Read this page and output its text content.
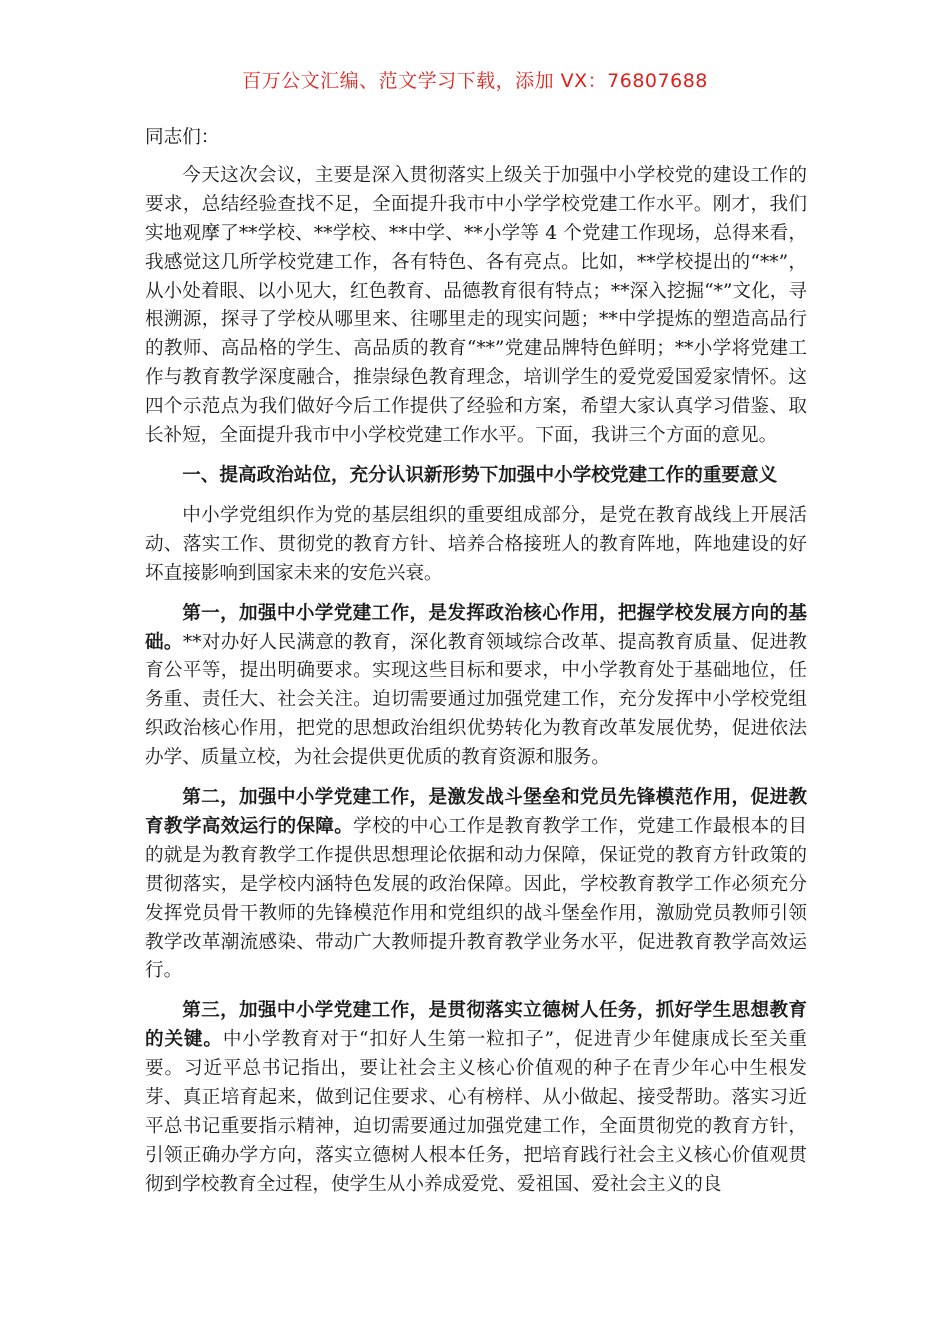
百万公文汇编、范文学习下载，添加 VX：76807688

同志们：

今天这次会议，主要是深入贯彻落实上级关于加强中小学校党的建设工作的要求，总结经验查找不足，全面提升我市中小学学校党建工作水平。刚才，我们实地观摩了**学校、**学校、**中学、**小学等 4 个党建工作现场，总得来看，我感觉这几所学校党建工作，各有特色、各有亮点。比如，**学校提出的“**”，从小处着眼、以小见大，红色教育、品德教育很有特点；**深入挖掘“*”文化，寻根溯源，探寻了学校从哪里来、往哪里走的现实问题；**中学提炼的塑造高品行的教师、高品格的学生、高品质的教育“**”党建品牌特色鲜明；**小学将党建工作与教育教学深度融合，推崇绿色教育理念，培训学生的爱党爱国爱家情怀。这四个示范点为我们做好今后工作提供了经验和方案，希望大家认真学习借鉴、取长补短，全面提升我市中小学校党建工作水平。下面，我讲三个方面的意见。

一、提高政治站位，充分认识新形势下加强中小学校党建工作的重要意义

中小学党组织作为党的基层组织的重要组成部分，是党在教育战线上开展活动、落实工作、贯彻党的教育方针、培养合格接班人的教育阵地，阵地建设的好坏直接影响到国家未来的安危兴衰。

第一，加强中小学党建工作，是发挥政治核心作用，把握学校发展方向的基础。**对办好人民满意的教育，深化教育领域综合改革、提高教育质量、促进教育公平等，提出明确要求。实现这些目标和要求，中小学教育处于基础地位，任务重、责任大、社会关注。迫切需要通过加强党建工作，充分发挥中小学校党组织政治核心作用，把党的思想政治组织优势转化为教育改革发展优势，促进依法办学、质量立校，为社会提供更优质的教育资源和服务。

第二，加强中小学党建工作，是激发战斗堡垒和党员先锋模范作用，促进教育教学高效运行的保障。学校的中心工作是教育教学工作，党建工作最根本的目的就是为教育教学工作提供思想理论依据和动力保障，保证党的教育方针政策的贯彻落实，是学校内涵特色发展的政治保障。因此，学校教育教学工作必须充分发挥党员骨干教师的先锋模范作用和党组织的战斗堡垒作用，激励党员教师引领教学改革潮流感染、带动广大教师提升教育教学业务水平，促进教育教学高效运行。

第三，加强中小学党建工作，是贯彻落实立德树人任务，抓好学生思想教育的关键。中小学教育对于“扣好人生第一粒扣子”，促进青少年健康成长至关重要。习近平总书记指出，要让社会主义核心价值观的种子在青少年心中生根发芽、真正培育起来，做到记住要求、心有榜样、从小做起、接受帮助。落实习近平总书记重要指示精神，迫切需要通过加强党建工作，全面贯彻党的教育方针，引领正确办学方向，落实立德树人根本任务，把培育践行社会主义核心价值观贯彻到学校教育全过程，使学生从小养成爱党、爱祖国、爱社会主义的良
